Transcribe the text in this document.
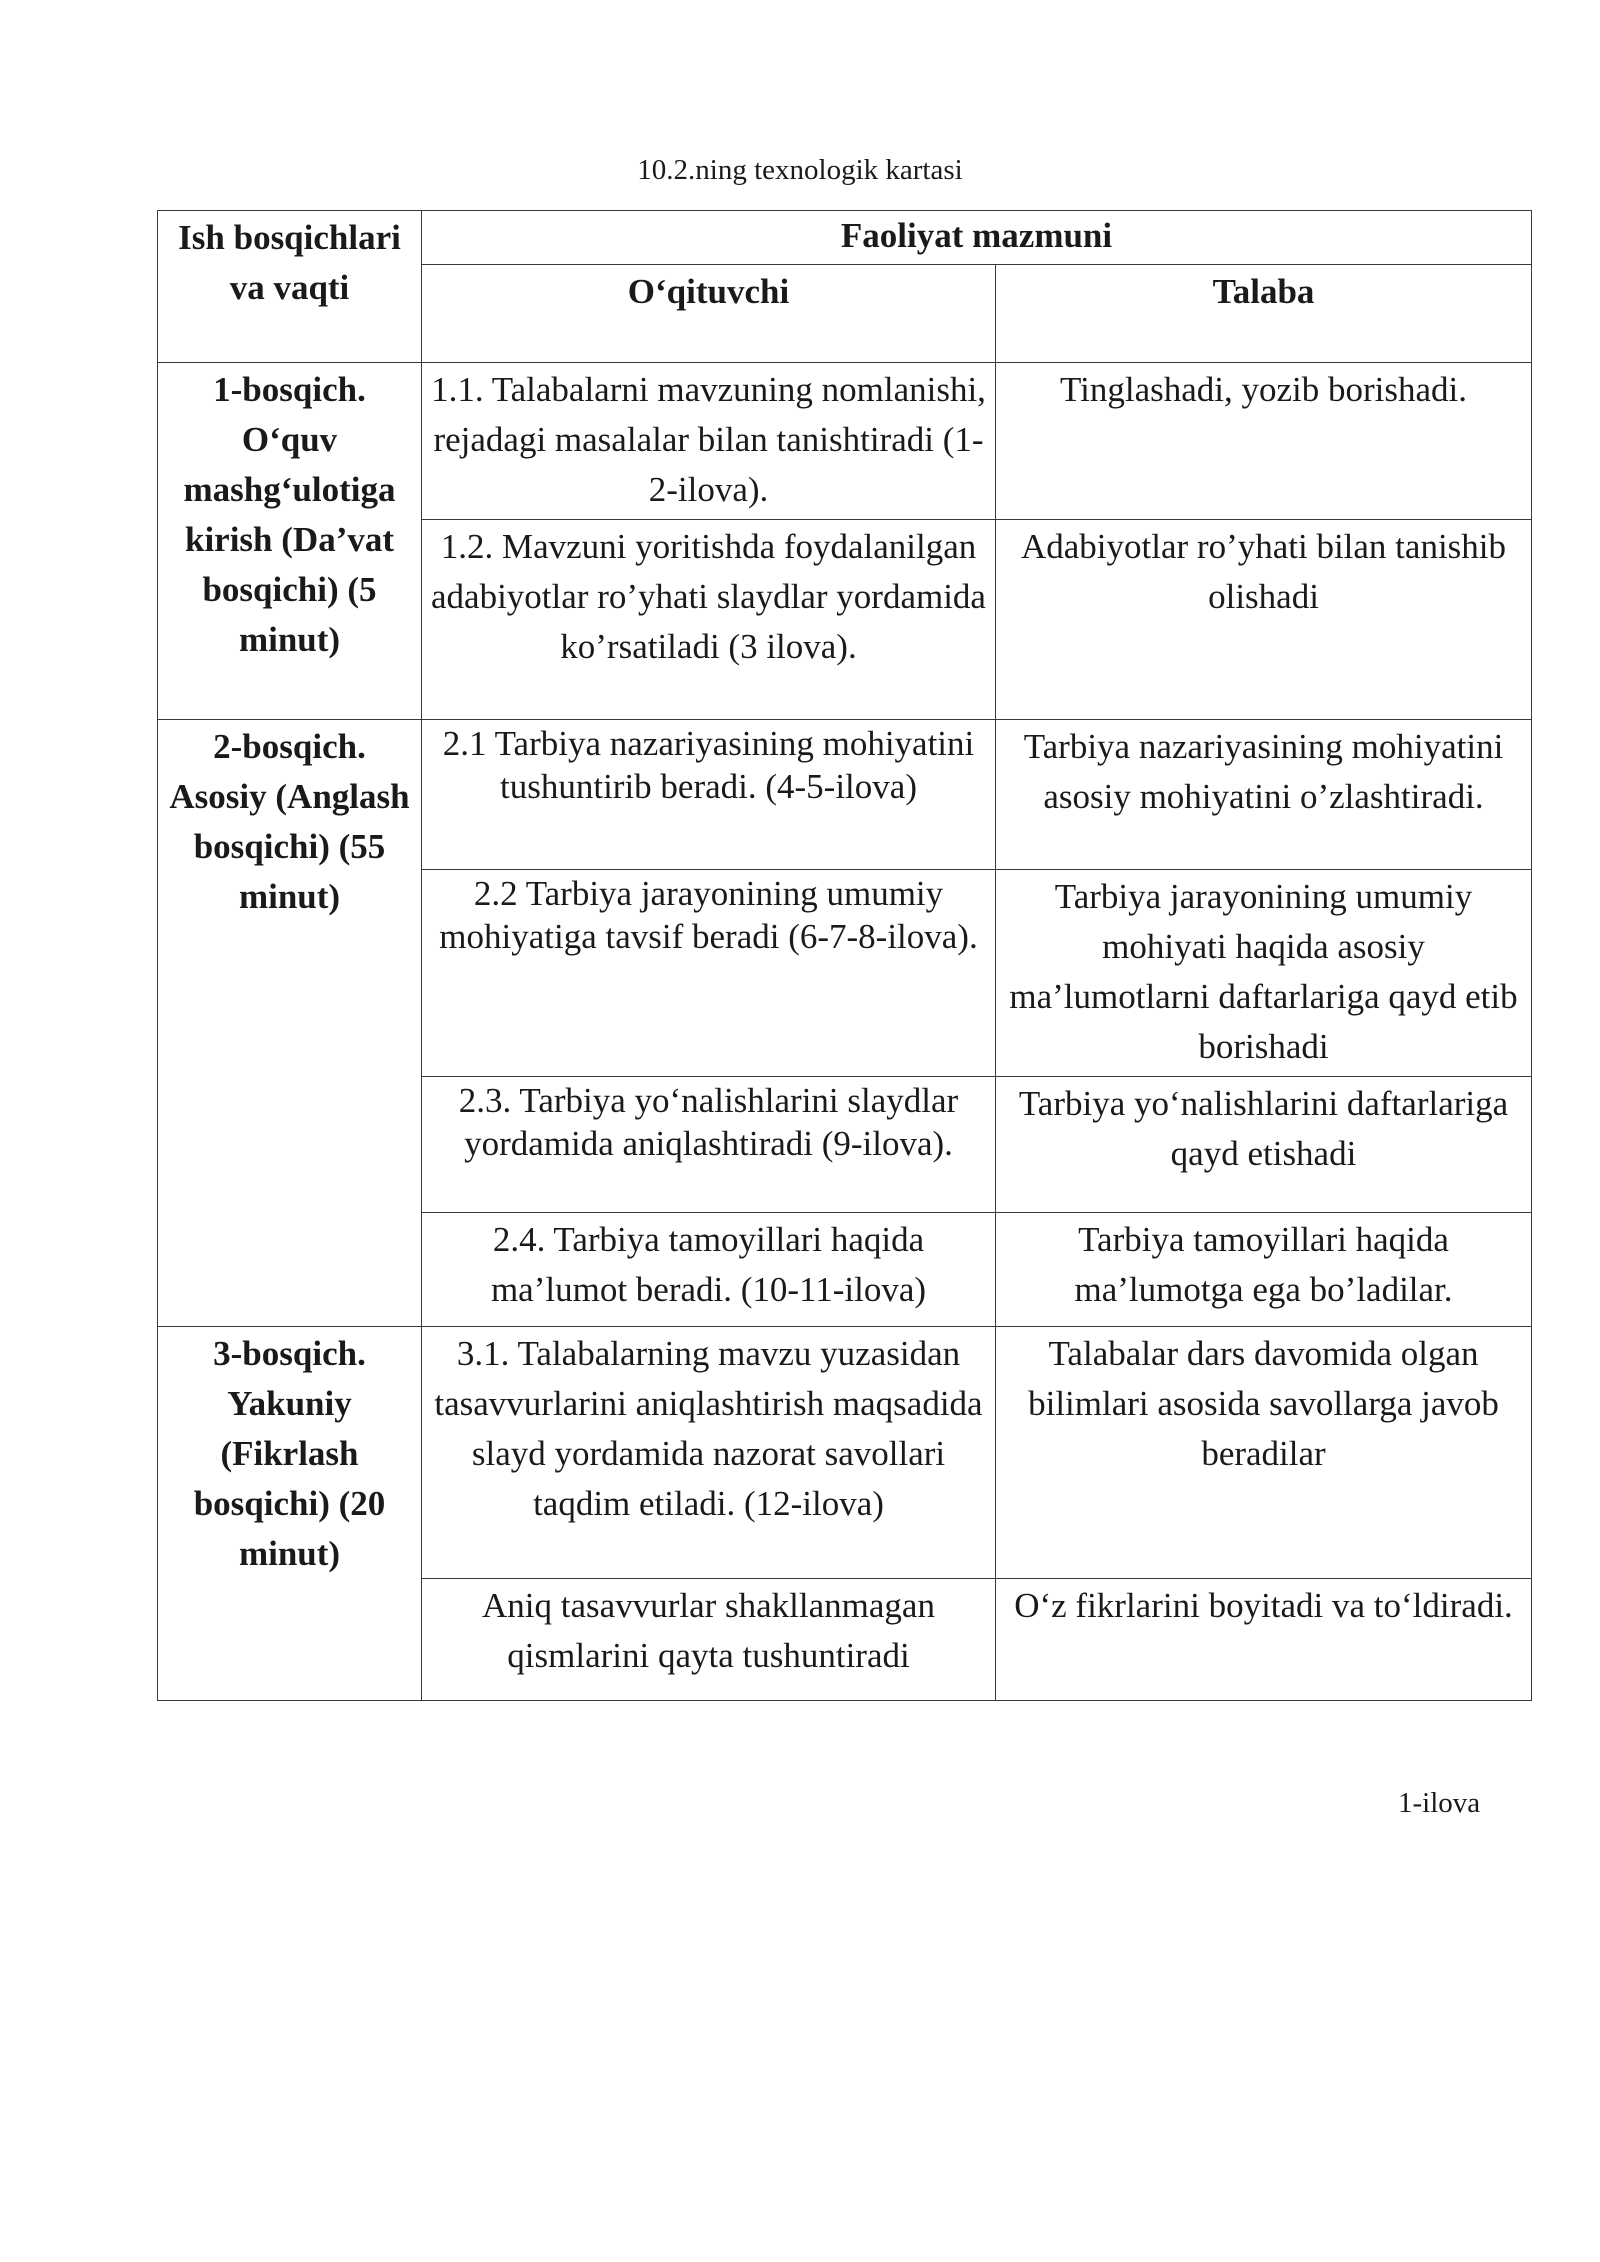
10.2.ning texnologik kartasi
Ish bosqichlari va vaqti	Faoliyat mazmuni	
	O‘qituvchi	Talaba
1-bosqich. O‘quv mashg‘ulotiga kirish (Da’vat bosqichi) (5 minut)	1.1. Talabalarni mavzuning nomlanishi, rejadagi masalalar bilan tanishtiradi (1-2-ilova).	Tinglashadi, yozib borishadi.
	1.2. Mavzuni yoritishda foydalanilgan adabiyotlar ro’yhati slaydlar yordamida ko’rsatiladi (3 ilova).	Adabiyotlar ro’yhati bilan tanishib olishadi
2-bosqich. Asosiy (Anglash bosqichi) (55 minut)	2.1 Tarbiya nazariyasining mohiyatini tushuntirib beradi. (4-5-ilova)	Tarbiya nazariyasining mohiyatini asosiy mohiyatini o’zlashtiradi.
	2.2 Tarbiya jarayonining umumiy mohiyatiga tavsif beradi (6-7-8-ilova).	Tarbiya jarayonining umumiy mohiyati haqida asosiy ma’lumotlarni daftarlariga qayd etib borishadi
	2.3. Tarbiya yo‘nalishlarini slaydlar yordamida aniqlashtiradi (9-ilova).	Tarbiya yo‘nalishlarini daftarlariga qayd etishadi
	2.4. Tarbiya tamoyillari haqida ma’lumot beradi. (10-11-ilova)	Tarbiya tamoyillari haqida ma’lumotga ega bo’ladilar.
3-bosqich. Yakuniy (Fikrlash bosqichi) (20 minut)	3.1. Talabalarning mavzu yuzasidan tasavvurlarini aniqlashtirish maqsadida slayd yordamida nazorat savollari taqdim etiladi. (12-ilova)	Talabalar dars davomida olgan bilimlari asosida savollarga javob beradilar
	Aniq tasavvurlar shakllanmagan qismlarini qayta tushuntiradi	O‘z fikrlarini boyitadi va to‘ldiradi.
1-ilova
